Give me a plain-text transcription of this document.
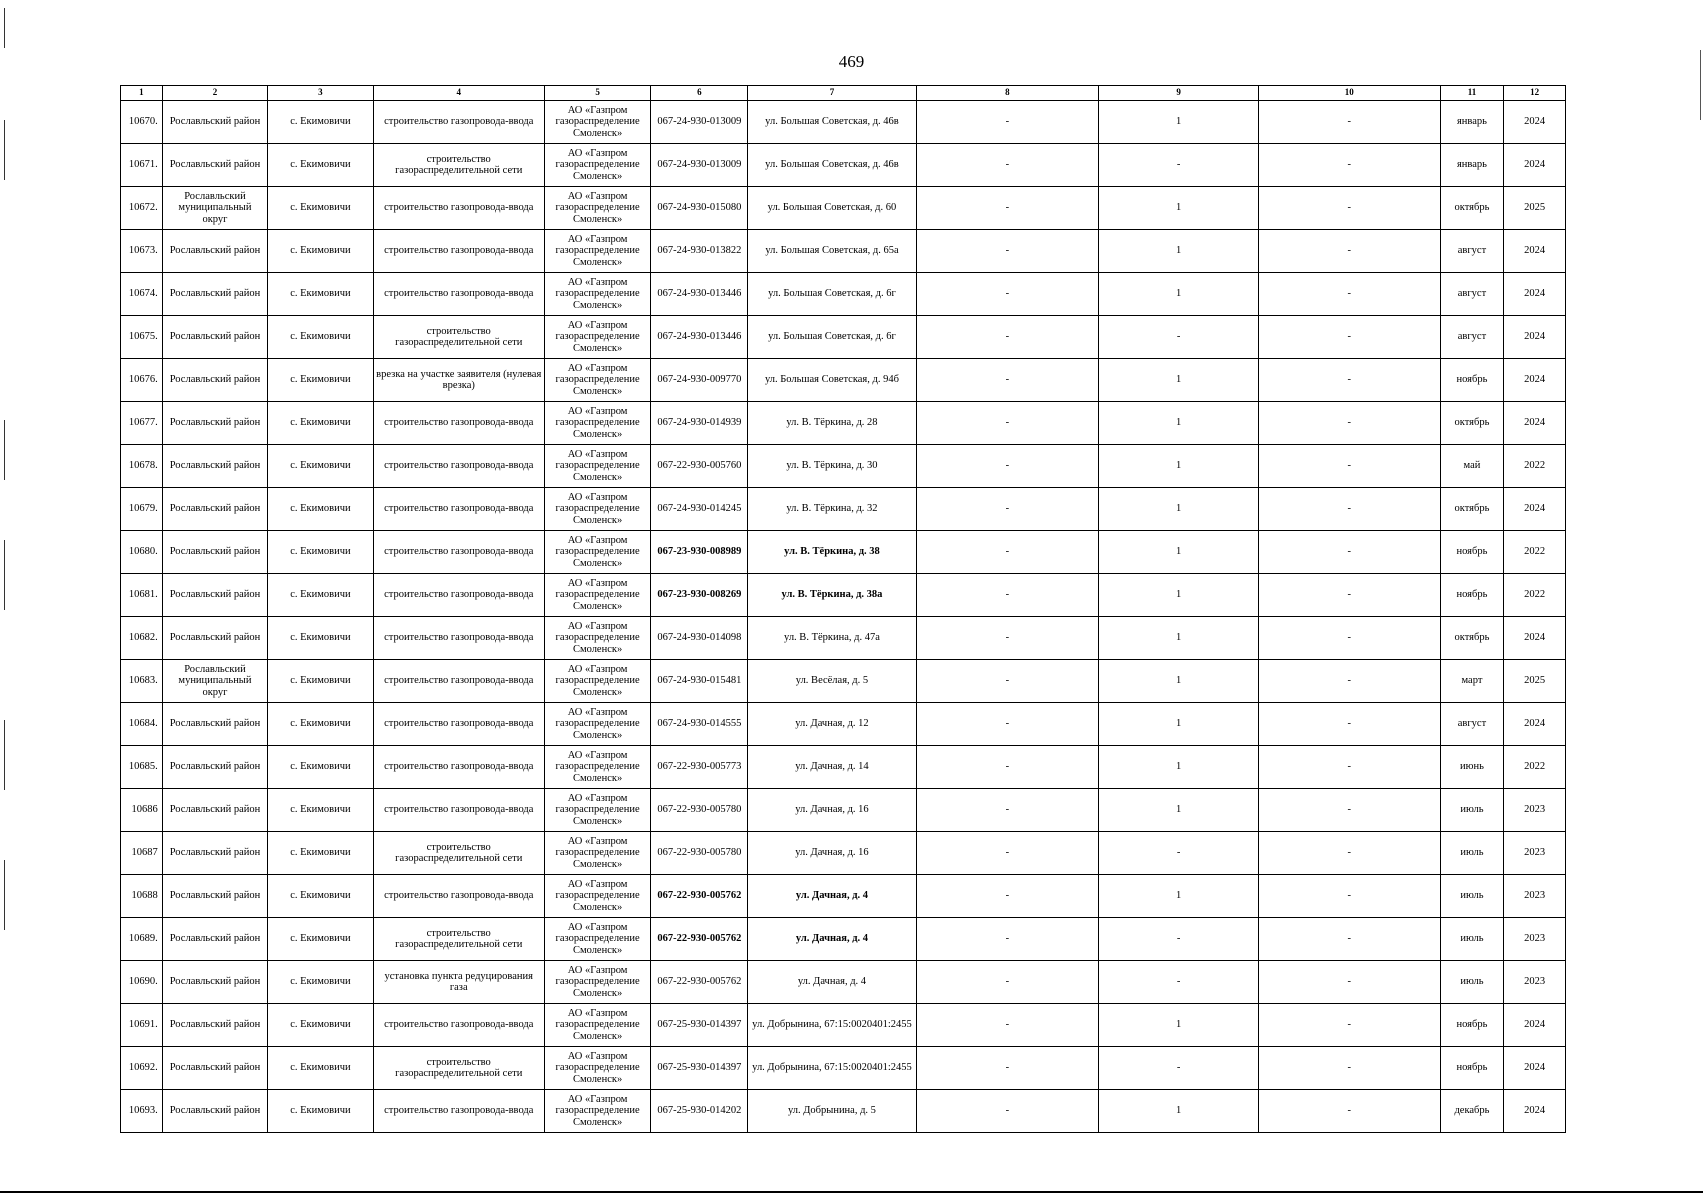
469
1	2	3	4	5	6	7	8	9	10	11	12
10670.	Рославльский район	с. Екимовичи	строительство газопровода-ввода	АО «Газпром газораспределение Смоленск»	067-24-930-013009	ул. Большая Советская, д. 46в	-	1	-	январь	2024
10671.	Рославльский район	с. Екимовичи	строительство газораспределительной сети	АО «Газпром газораспределение Смоленск»	067-24-930-013009	ул. Большая Советская, д. 46в	-	-	-	январь	2024
10672.	Рославльский муниципальный округ	с. Екимовичи	строительство газопровода-ввода	АО «Газпром газораспределение Смоленск»	067-24-930-015080	ул. Большая Советская, д. 60	-	1	-	октябрь	2025
10673.	Рославльский район	с. Екимовичи	строительство газопровода-ввода	АО «Газпром газораспределение Смоленск»	067-24-930-013822	ул. Большая Советская, д. 65а	-	1	-	август	2024
10674.	Рославльский район	с. Екимовичи	строительство газопровода-ввода	АО «Газпром газораспределение Смоленск»	067-24-930-013446	ул. Большая Советская, д. 6г	-	1	-	август	2024
10675.	Рославльский район	с. Екимовичи	строительство газораспределительной сети	АО «Газпром газораспределение Смоленск»	067-24-930-013446	ул. Большая Советская, д. 6г	-	-	-	август	2024
10676.	Рославльский район	с. Екимовичи	врезка на участке заявителя (нулевая врезка)	АО «Газпром газораспределение Смоленск»	067-24-930-009770	ул. Большая Советская, д. 94б	-	1	-	ноябрь	2024
10677.	Рославльский район	с. Екимовичи	строительство газопровода-ввода	АО «Газпром газораспределение Смоленск»	067-24-930-014939	ул. В. Тёркина, д. 28	-	1	-	октябрь	2024
10678.	Рославльский район	с. Екимовичи	строительство газопровода-ввода	АО «Газпром газораспределение Смоленск»	067-22-930-005760	ул. В. Тёркина, д. 30	-	1	-	май	2022
10679.	Рославльский район	с. Екимовичи	строительство газопровода-ввода	АО «Газпром газораспределение Смоленск»	067-24-930-014245	ул. В. Тёркина, д. 32	-	1	-	октябрь	2024
10680.	Рославльский район	с. Екимовичи	строительство газопровода-ввода	АО «Газпром газораспределение Смоленск»	067-23-930-008989	ул. В. Тёркина, д. 38	-	1	-	ноябрь	2022
10681.	Рославльский район	с. Екимовичи	строительство газопровода-ввода	АО «Газпром газораспределение Смоленск»	067-23-930-008269	ул. В. Тёркина, д. 38а	-	1	-	ноябрь	2022
10682.	Рославльский район	с. Екимовичи	строительство газопровода-ввода	АО «Газпром газораспределение Смоленск»	067-24-930-014098	ул. В. Тёркина, д. 47а	-	1	-	октябрь	2024
10683.	Рославльский муниципальный округ	с. Екимовичи	строительство газопровода-ввода	АО «Газпром газораспределение Смоленск»	067-24-930-015481	ул. Весёлая, д. 5	-	1	-	март	2025
10684.	Рославльский район	с. Екимовичи	строительство газопровода-ввода	АО «Газпром газораспределение Смоленск»	067-24-930-014555	ул. Дачная, д. 12	-	1	-	август	2024
10685.	Рославльский район	с. Екимовичи	строительство газопровода-ввода	АО «Газпром газораспределение Смоленск»	067-22-930-005773	ул. Дачная, д. 14	-	1	-	июнь	2022
10686	Рославльский район	с. Екимовичи	строительство газопровода-ввода	АО «Газпром газораспределение Смоленск»	067-22-930-005780	ул. Дачная, д. 16	-	1	-	июль	2023
10687	Рославльский район	с. Екимовичи	строительство газораспределительной сети	АО «Газпром газораспределение Смоленск»	067-22-930-005780	ул. Дачная, д. 16	-	-	-	июль	2023
10688	Рославльский район	с. Екимовичи	строительство газопровода-ввода	АО «Газпром газораспределение Смоленск»	067-22-930-005762	ул. Дачная, д. 4	-	1	-	июль	2023
10689.	Рославльский район	с. Екимовичи	строительство газораспределительной сети	АО «Газпром газораспределение Смоленск»	067-22-930-005762	ул. Дачная, д. 4	-	-	-	июль	2023
10690.	Рославльский район	с. Екимовичи	установка пункта редуцирования газа	АО «Газпром газораспределение Смоленск»	067-22-930-005762	ул. Дачная, д. 4	-	-	-	июль	2023
10691.	Рославльский район	с. Екимовичи	строительство газопровода-ввода	АО «Газпром газораспределение Смоленск»	067-25-930-014397	ул. Добрынина, 67:15:0020401:2455	-	1	-	ноябрь	2024
10692.	Рославльский район	с. Екимовичи	строительство газораспределительной сети	АО «Газпром газораспределение Смоленск»	067-25-930-014397	ул. Добрынина, 67:15:0020401:2455	-	-	-	ноябрь	2024
10693.	Рославльский район	с. Екимовичи	строительство газопровода-ввода	АО «Газпром газораспределение Смоленск»	067-25-930-014202	ул. Добрынина, д. 5	-	1	-	декабрь	2024
